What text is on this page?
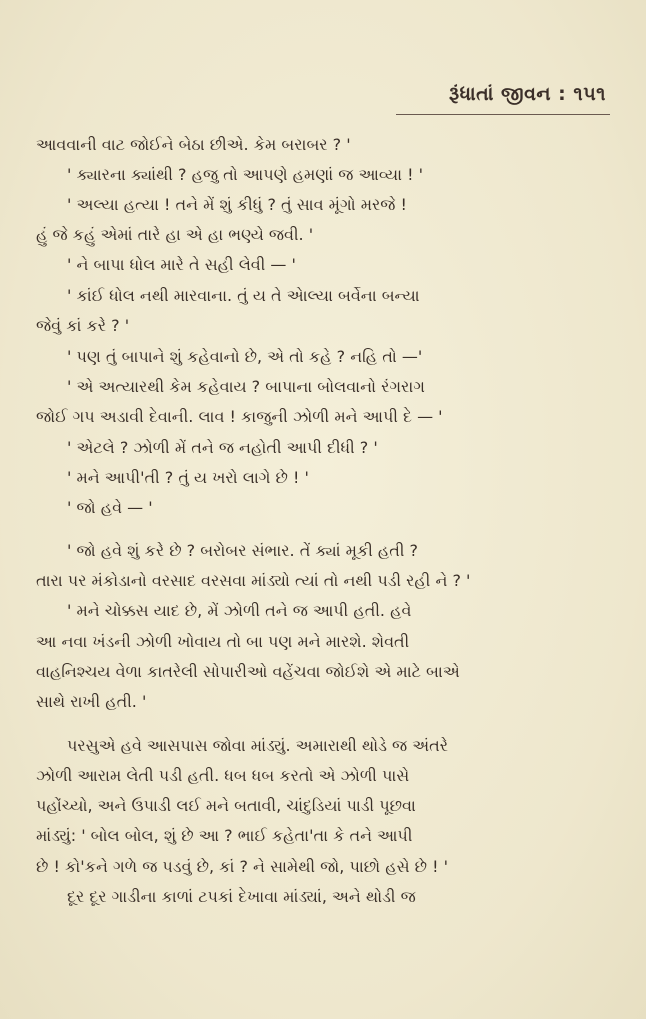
રૂંધાતાં જીવન : ૧૫૧
આવવાની વાટ જોઈને બેઠા છીએ. કેમ બરાબર ? '
' ક્યારના ક્યાંથી ? હજુ તો આપણે હમણાં જ આવ્યા ! '
' અલ્યા હત્યા ! તને મેં શું કીધું ? તું સાવ મૂંગો મરજે !
હું જે કહું એમાં તારે હા એ હા ભણ્યે જવી. '
' ને બાપા ધોલ મારે તે સહી લેવી — '
' કાંઈ ધોલ નથી મારવાના. તું ય તે એાલ્યા બર્વેના બન્યા
જેવું કાં કરે ? '
' પણ તું બાપાને શું કહેવાનો છે, એ તો કહે ? નહિ તો —'
' એ અત્યારથી કેમ કહેવાય ? બાપાના બોલવાનો રંગરાગ
જોઈ ગપ અડાવી દેવાની. લાવ ! કાજુની ઝોળી મને આપી દે — '
' એટલે ? ઝોળી મેં તને જ નહોતી આપી દીધી ? '
' મને આપી'તી ? તું ય ખરો લાગે છે ! '
' જો હવે — '
' જો હવે શું કરે છે ? બરોબર સંભાર. તેં ક્યાં મૂકી હતી ?
તારા પર મંકોડાનો વરસાદ વરસવા માંડ્યો ત્યાં તો નથી પડી રહી ને ? '
' મને ચોક્કસ યાદ છે, મેં ઝોળી તને જ આપી હતી. હવે
આ નવા ખંડની ઝોળી ખોવાય તો બા પણ મને મારશે. શેવતી
વાહનિશ્ચય વેળા કાતરેલી સોપારીઓ વહેંચવા જોઈશે એ માટે બાએ
સાથે રાખી હતી. '
પરસુએ હવે આસપાસ જોવા માંડ્યું. અમારાથી થોડે જ અંતરે
ઝોળી આરામ લેતી પડી હતી. ધબ ધબ કરતો એ ઝોળી પાસે
પહોંચ્યો, અને ઉપાડી લઈ મને બતાવી, ચાંદુડિયાં પાડી પૂછવા
માંડ્યું: ' બોલ બોલ, શું છે આ ? ભાઈ કહેતા'તા કે તને આપી
છે ! કો'કને ગળે જ પડવું છે, કાં ? ને સામેથી જો, પાછો હસે છે ! '
દૂર દૂર ગાડીના કાળાં ટપકાં દેખાવા માંડ્યાં, અને થોડી જ
